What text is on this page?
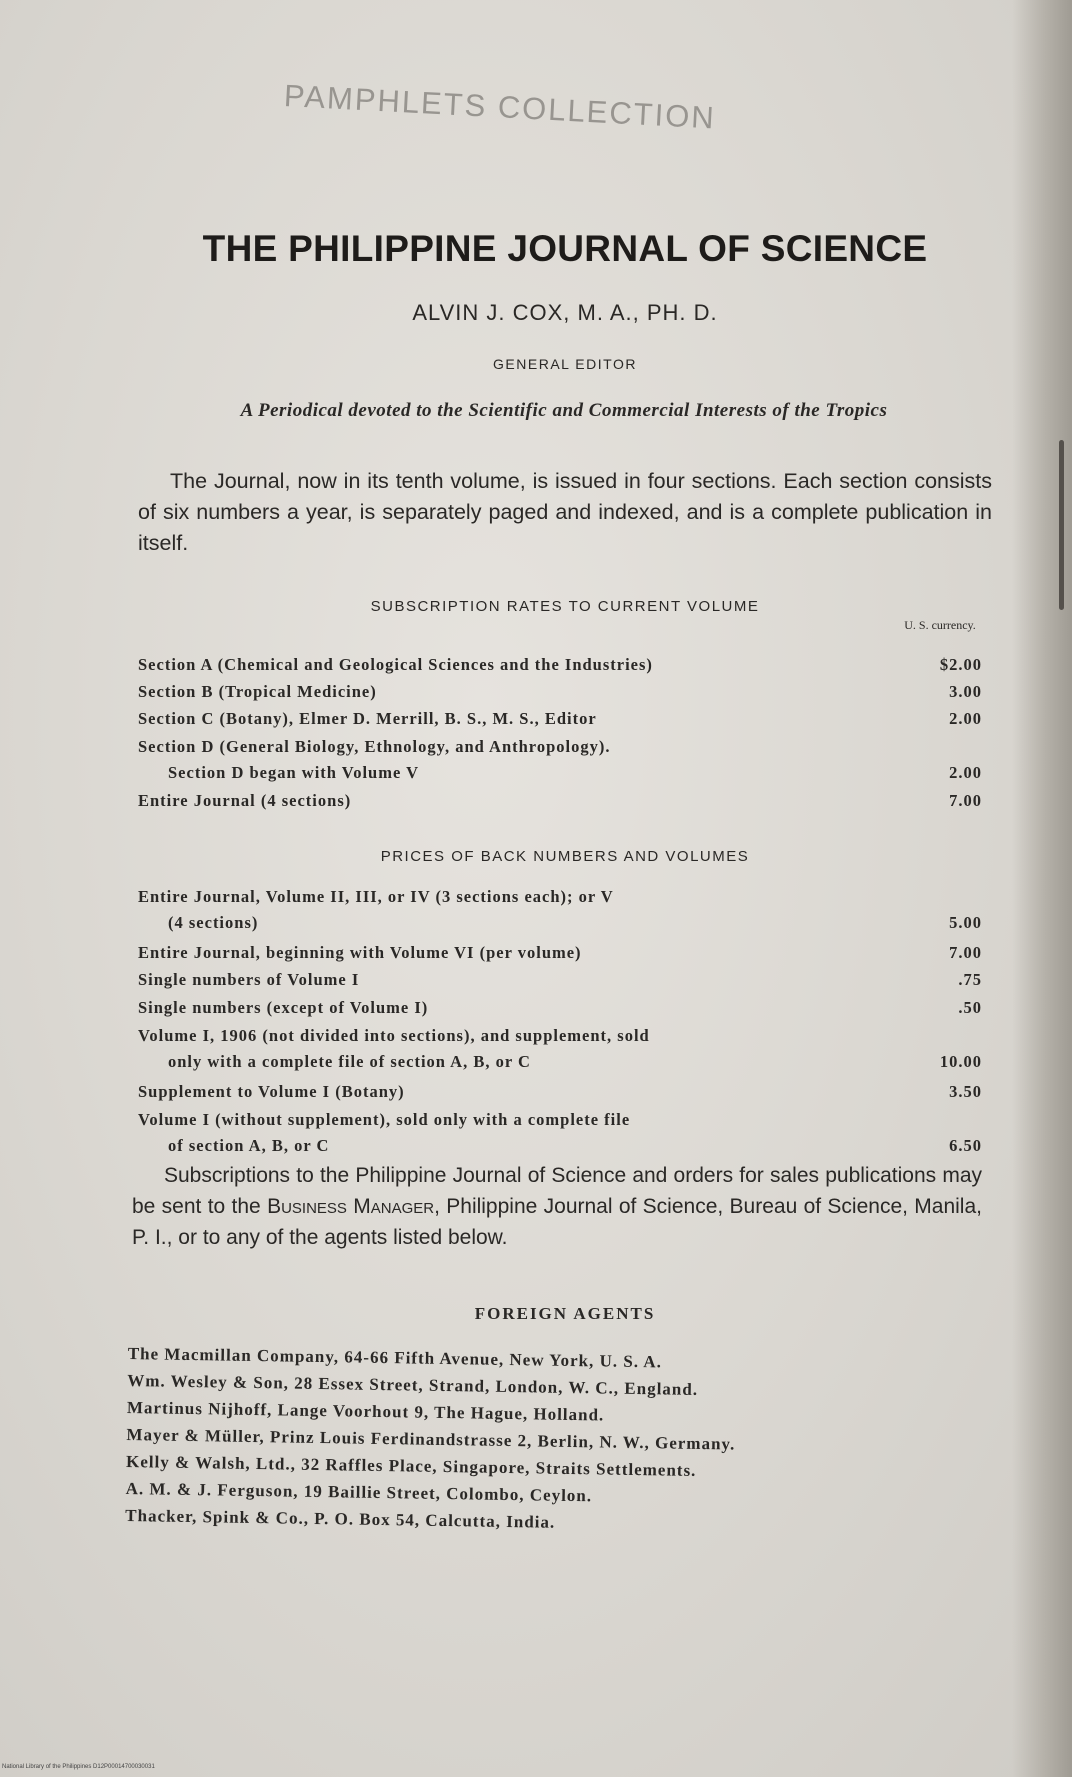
PAMPHLETS COLLECTION
THE PHILIPPINE JOURNAL OF SCIENCE
ALVIN J. COX, M. A., PH. D.
GENERAL EDITOR
A Periodical devoted to the Scientific and Commercial Interests of the Tropics
The Journal, now in its tenth volume, is issued in four sections. Each section consists of six numbers a year, is separately paged and indexed, and is a complete publication in itself.
SUBSCRIPTION RATES TO CURRENT VOLUME
U. S. currency.
Section A (Chemical and Geological Sciences and the Industries)	$2.00
Section B (Tropical Medicine)	3.00
Section C (Botany), Elmer D. Merrill, B. S., M. S., Editor	2.00
Section D (General Biology, Ethnology, and Anthropology).
Section D began with Volume V	2.00
Entire Journal (4 sections)	7.00
PRICES OF BACK NUMBERS AND VOLUMES
Entire Journal, Volume II, III, or IV (3 sections each); or V
(4 sections)	5.00
Entire Journal, beginning with Volume VI (per volume)	7.00
Single numbers of Volume I	.75
Single numbers (except of Volume I)	.50
Volume I, 1906 (not divided into sections), and supplement, sold
only with a complete file of section A, B, or C	10.00
Supplement to Volume I (Botany)	3.50
Volume I (without supplement), sold only with a complete file
of section A, B, or C	6.50
Subscriptions to the Philippine Journal of Science and orders for sales publications may be sent to the Business Manager, Philippine Journal of Science, Bureau of Science, Manila, P. I., or to any of the agents listed below.
FOREIGN AGENTS
The Macmillan Company, 64-66 Fifth Avenue, New York, U. S. A.
Wm. Wesley & Son, 28 Essex Street, Strand, London, W. C., England.
Martinus Nijhoff, Lange Voorhout 9, The Hague, Holland.
Mayer & Müller, Prinz Louis Ferdinandstrasse 2, Berlin, N. W., Germany.
Kelly & Walsh, Ltd., 32 Raffles Place, Singapore, Straits Settlements.
A. M. & J. Ferguson, 19 Baillie Street, Colombo, Ceylon.
Thacker, Spink & Co., P. O. Box 54, Calcutta, India.
National Library of the Philippines D12P00014700030031
